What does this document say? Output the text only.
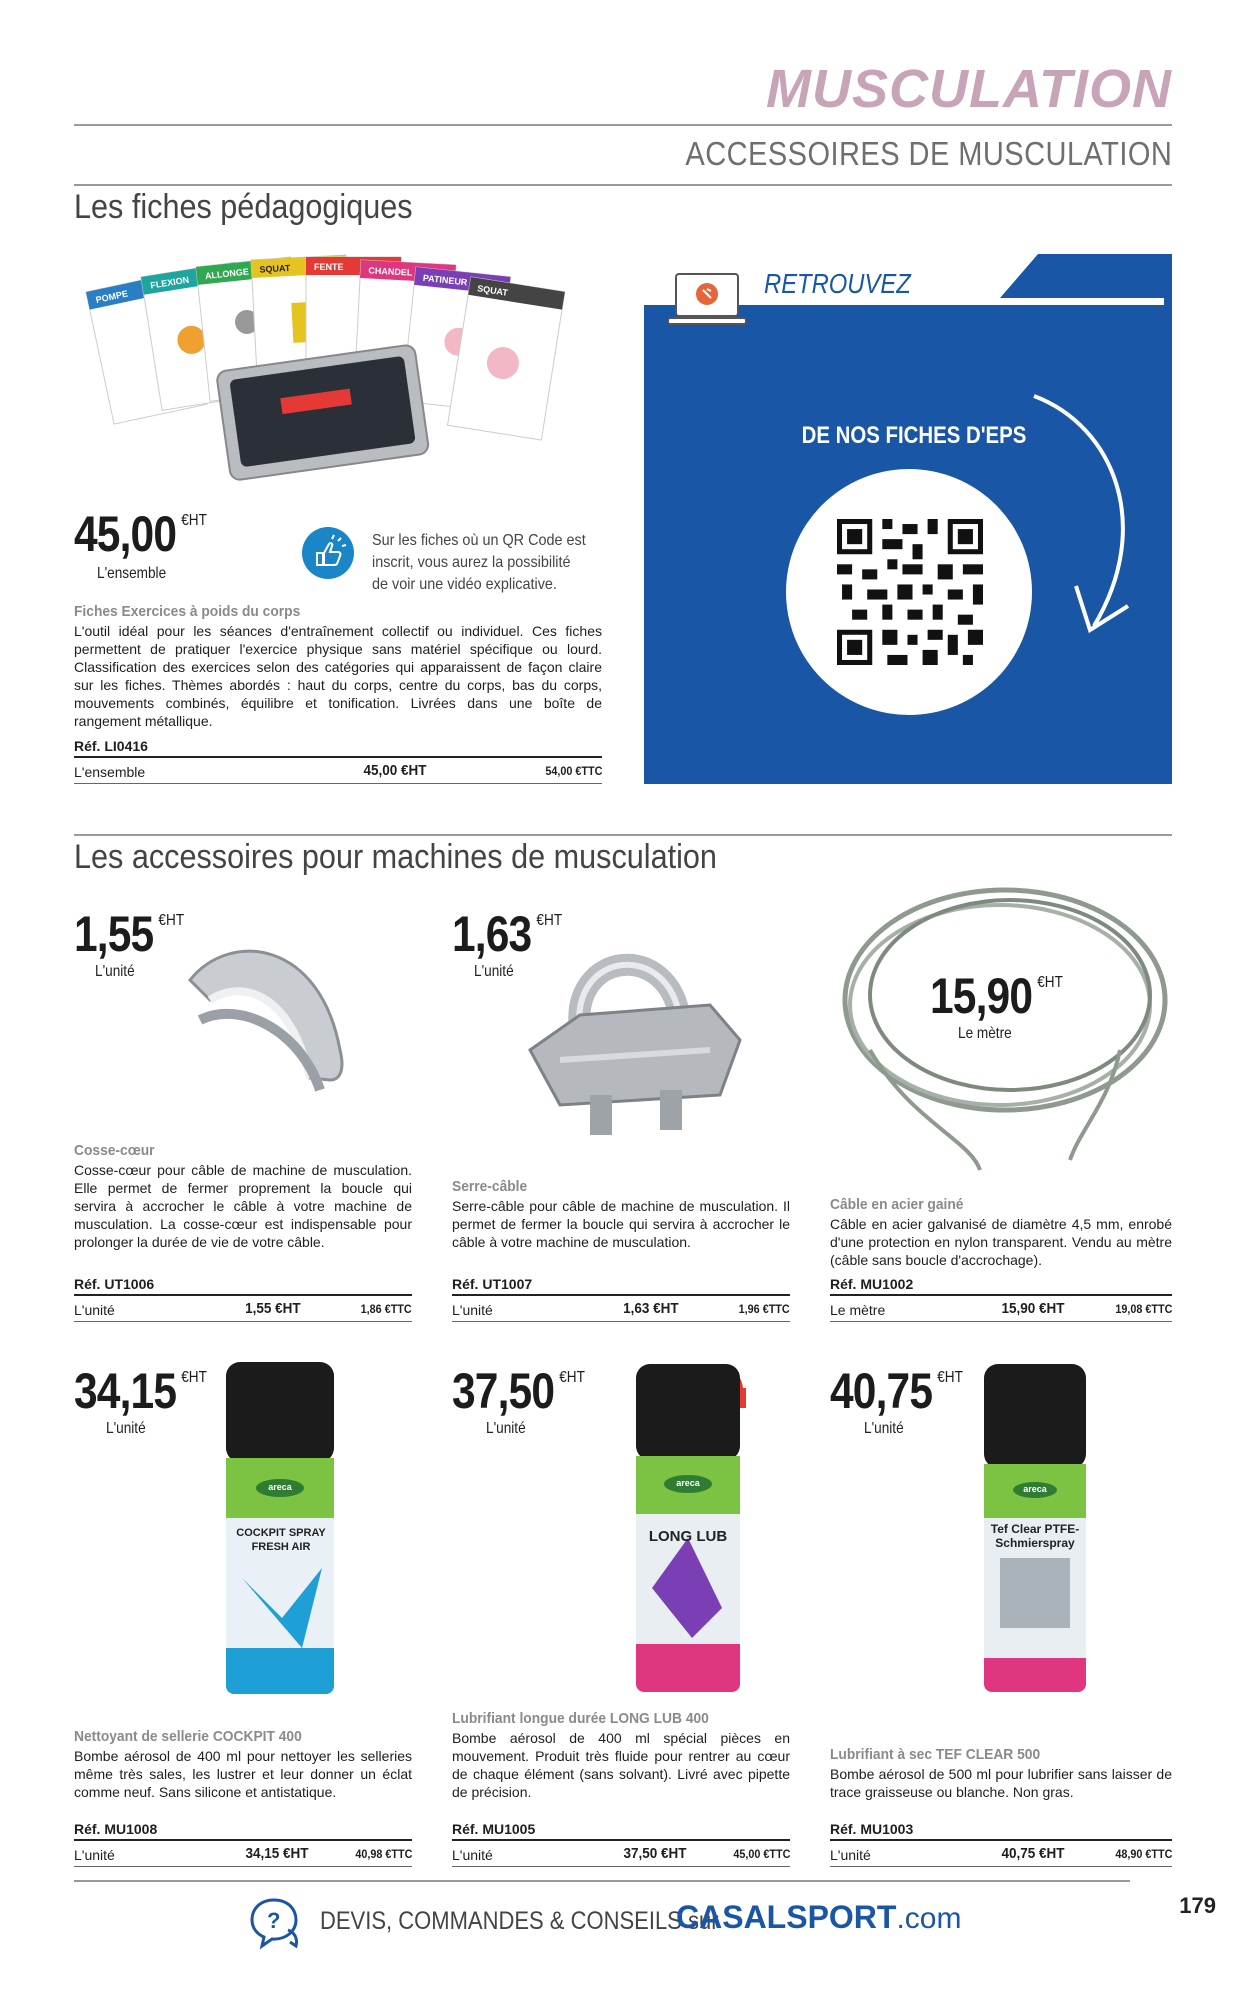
MUSCULATION
ACCESSOIRES DE MUSCULATION
Les fiches pédagogiques
POMPE
FLEXION
ALLONGE SQUAT	FENTE	CHANDEL
PATINEUR
SQUAT
45,00 $^{€HT}$
L'ensemble
Sur les fiches où un QR Code est inscrit, vous aurez la possibilité de voir une vidéo explicative.
Fiches Exercices à poids du corps
L'outil idéal pour les séances d'entraînement collectif ou individuel. Ces fiches permettent de pratiquer l'exercice physique sans matériel spécifique ou lourd. Classification des exercices selon des catégories qui apparaissent de façon claire sur les fiches. Thèmes abordés : haut du corps, centre du corps, bas du corps, mouvements combinés, équilibre et tonification. Livrées dans une boîte de rangement métallique.
Réf. LI0416
L'ensemble	45,00 €HT	54,00 €TTC
DE NOS FICHES D'EPS
RETROUVEZ
TOUTE LA GAMME
Les accessoires pour machines de musculation
1,55 $^{€HT}$
L'unité
Cosse-cœur
Cosse-cœur pour câble de machine de musculation. Elle permet de fermer proprement la boucle qui servira à accrocher le câble à votre machine de musculation. La cosse-cœur est indispensable pour prolonger la durée de vie de votre câble.
Réf. UT1006
L'unité	1,55 €HT	1,86 €TTC
1,63 $^{€HT}$
L'unité
Serre-câble
Serre-câble pour câble de machine de musculation. Il permet de fermer la boucle qui servira à accrocher le câble à votre machine de musculation.
Réf. UT1007
L'unité	1,63 €HT	1,96 €TTC
15,90 $^{€HT}$
Le mètre
Câble en acier gainé
Câble en acier galvanisé de diamètre 4,5 mm, enrobé d'une protection en nylon transparent. Vendu au mètre (câble sans boucle d'accrochage).
Réf. MU1002
Le mètre	15,90 €HT	19,08 €TTC
34,15 $^{€HT}$
L'unité
areca
COCKPIT SPRAY FRESH AIR
Nettoyant de sellerie COCKPIT 400
Bombe aérosol de 400 ml pour nettoyer les selleries même très sales, les lustrer et leur donner un éclat comme neuf. Sans silicone et antistatique.
Réf. MU1008
L'unité	34,15 €HT	40,98 €TTC
37,50 $^{€HT}$
L'unité
areca
LONG LUB
Lubrifiant longue durée LONG LUB 400
Bombe aérosol de 400 ml spécial pièces en mouvement. Produit très fluide pour rentrer au cœur de chaque élément (sans solvant). Livré avec pipette de précision.
Réf. MU1005
L'unité	37,50 €HT	45,00 €TTC
40,75 $^{€HT}$
L'unité
areca
Tef Clear PTFE-Schmierspray
Lubrifiant à sec TEF CLEAR 500
Bombe aérosol de 500 ml pour lubrifier sans laisser de trace graisseuse ou blanche. Non gras.
Réf. MU1003
L'unité	40,75 €HT	48,90 €TTC
? DEVIS, COMMANDES & CONSEILS sur
CASALSPORT.com	179
